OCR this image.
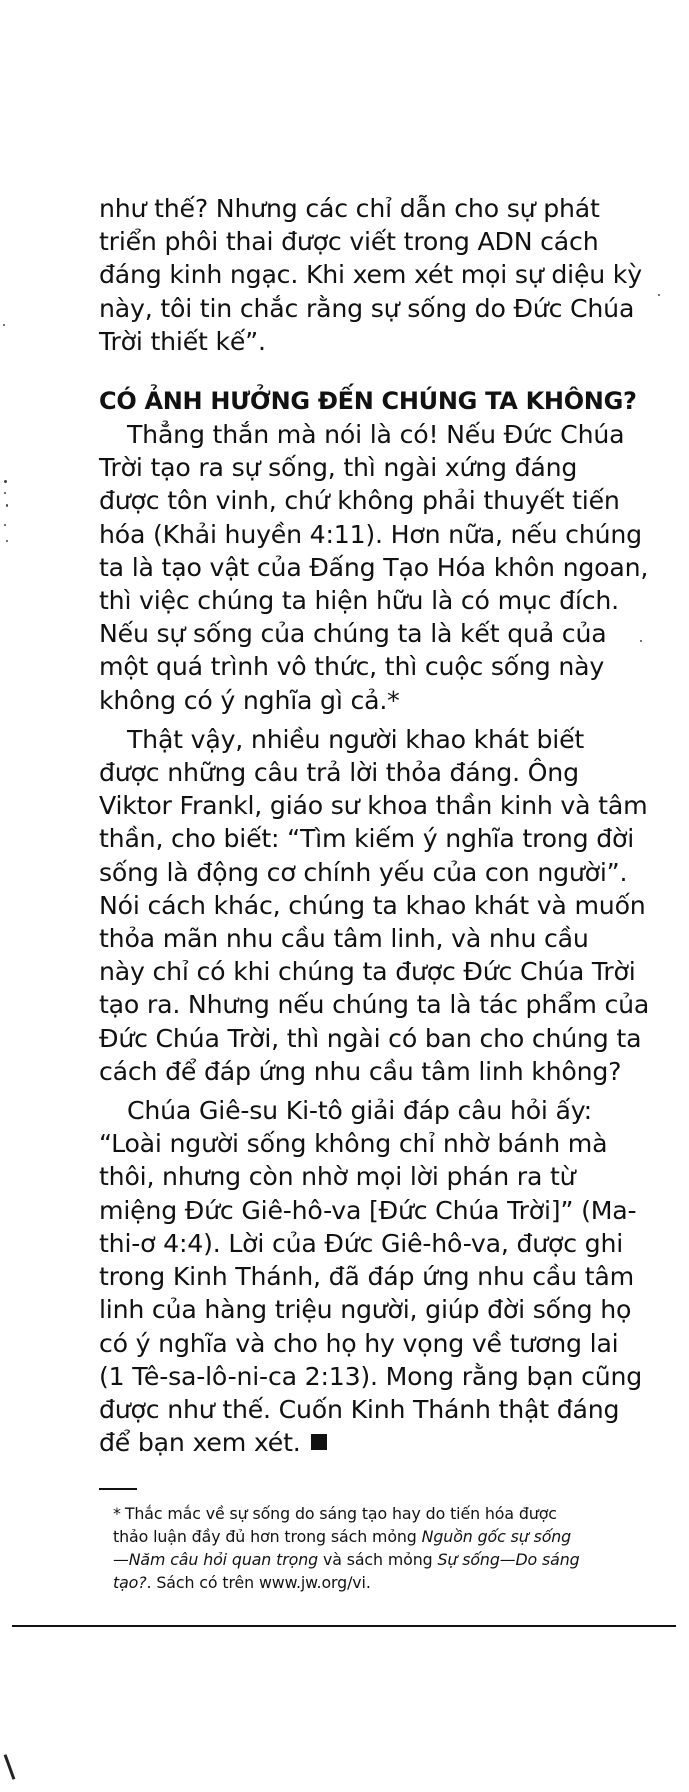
như thế? Nhưng các chỉ dẫn cho sự phát
triển phôi thai được viết trong ADN cách
đáng kinh ngạc. Khi xem xét mọi sự diệu kỳ
này, tôi tin chắc rằng sự sống do Đức Chúa
Trời thiết kế”.
CÓ ẢNH HƯỞNG ĐẾN CHÚNG TA KHÔNG?
Thẳng thắn mà nói là có! Nếu Đức Chúa
Trời tạo ra sự sống, thì ngài xứng đáng
được tôn vinh, chứ không phải thuyết tiến
hóa (Khải huyền 4:11). Hơn nữa, nếu chúng
ta là tạo vật của Đấng Tạo Hóa khôn ngoan,
thì việc chúng ta hiện hữu là có mục đích.
Nếu sự sống của chúng ta là kết quả của
một quá trình vô thức, thì cuộc sống này
không có ý nghĩa gì cả.*
Thật vậy, nhiều người khao khát biết
được những câu trả lời thỏa đáng. Ông
Viktor Frankl, giáo sư khoa thần kinh và tâm
thần, cho biết: “Tìm kiếm ý nghĩa trong đời
sống là động cơ chính yếu của con người”.
Nói cách khác, chúng ta khao khát và muốn
thỏa mãn nhu cầu tâm linh, và nhu cầu
này chỉ có khi chúng ta được Đức Chúa Trời
tạo ra. Nhưng nếu chúng ta là tác phẩm của
Đức Chúa Trời, thì ngài có ban cho chúng ta
cách để đáp ứng nhu cầu tâm linh không?
Chúa Giê-su Ki-tô giải đáp câu hỏi ấy:
“Loài người sống không chỉ nhờ bánh mà
thôi, nhưng còn nhờ mọi lời phán ra từ
miệng Đức Giê-hô-va [Đức Chúa Trời]” (Ma-
thi-ơ 4:4). Lời của Đức Giê-hô-va, được ghi
trong Kinh Thánh, đã đáp ứng nhu cầu tâm
linh của hàng triệu người, giúp đời sống họ
có ý nghĩa và cho họ hy vọng về tương lai
(1 Tê-sa-lô-ni-ca 2:13). Mong rằng bạn cũng
được như thế. Cuốn Kinh Thánh thật đáng
để bạn xem xét.
* Thắc mắc về sự sống do sáng tạo hay do tiến hóa được
thảo luận đầy đủ hơn trong sách mỏng Nguồn gốc sự sống
—Năm câu hỏi quan trọng và sách mỏng Sự sống—Do sáng
tạo?. Sách có trên www.jw.org/vi.
